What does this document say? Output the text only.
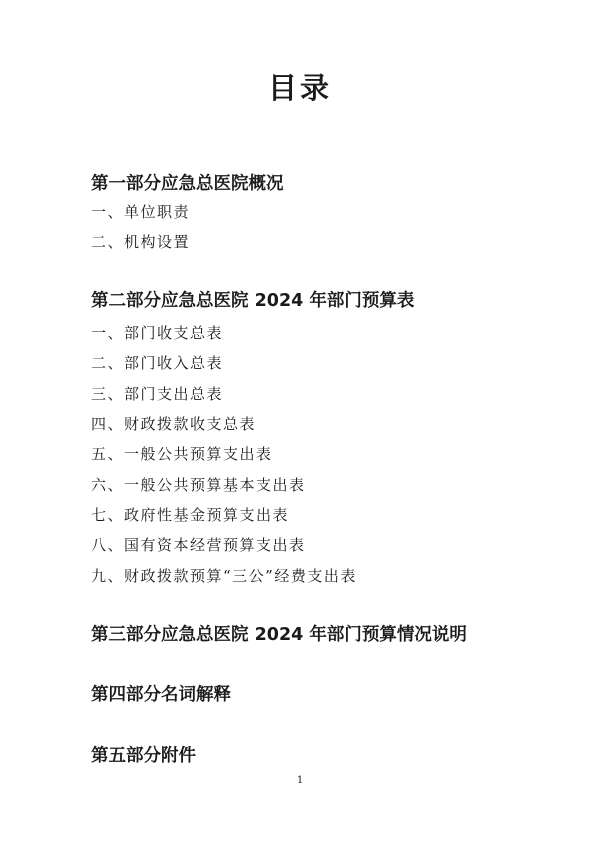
目录
第一部分应急总医院概况
一、单位职责
二、机构设置
第二部分应急总医院 2024 年部门预算表
一、部门收支总表
二、部门收入总表
三、部门支出总表
四、财政拨款收支总表
五、一般公共预算支出表
六、一般公共预算基本支出表
七、政府性基金预算支出表
八、国有资本经营预算支出表
九、财政拨款预算“三公”经费支出表
第三部分应急总医院 2024 年部门预算情况说明
第四部分名词解释
第五部分附件
1
